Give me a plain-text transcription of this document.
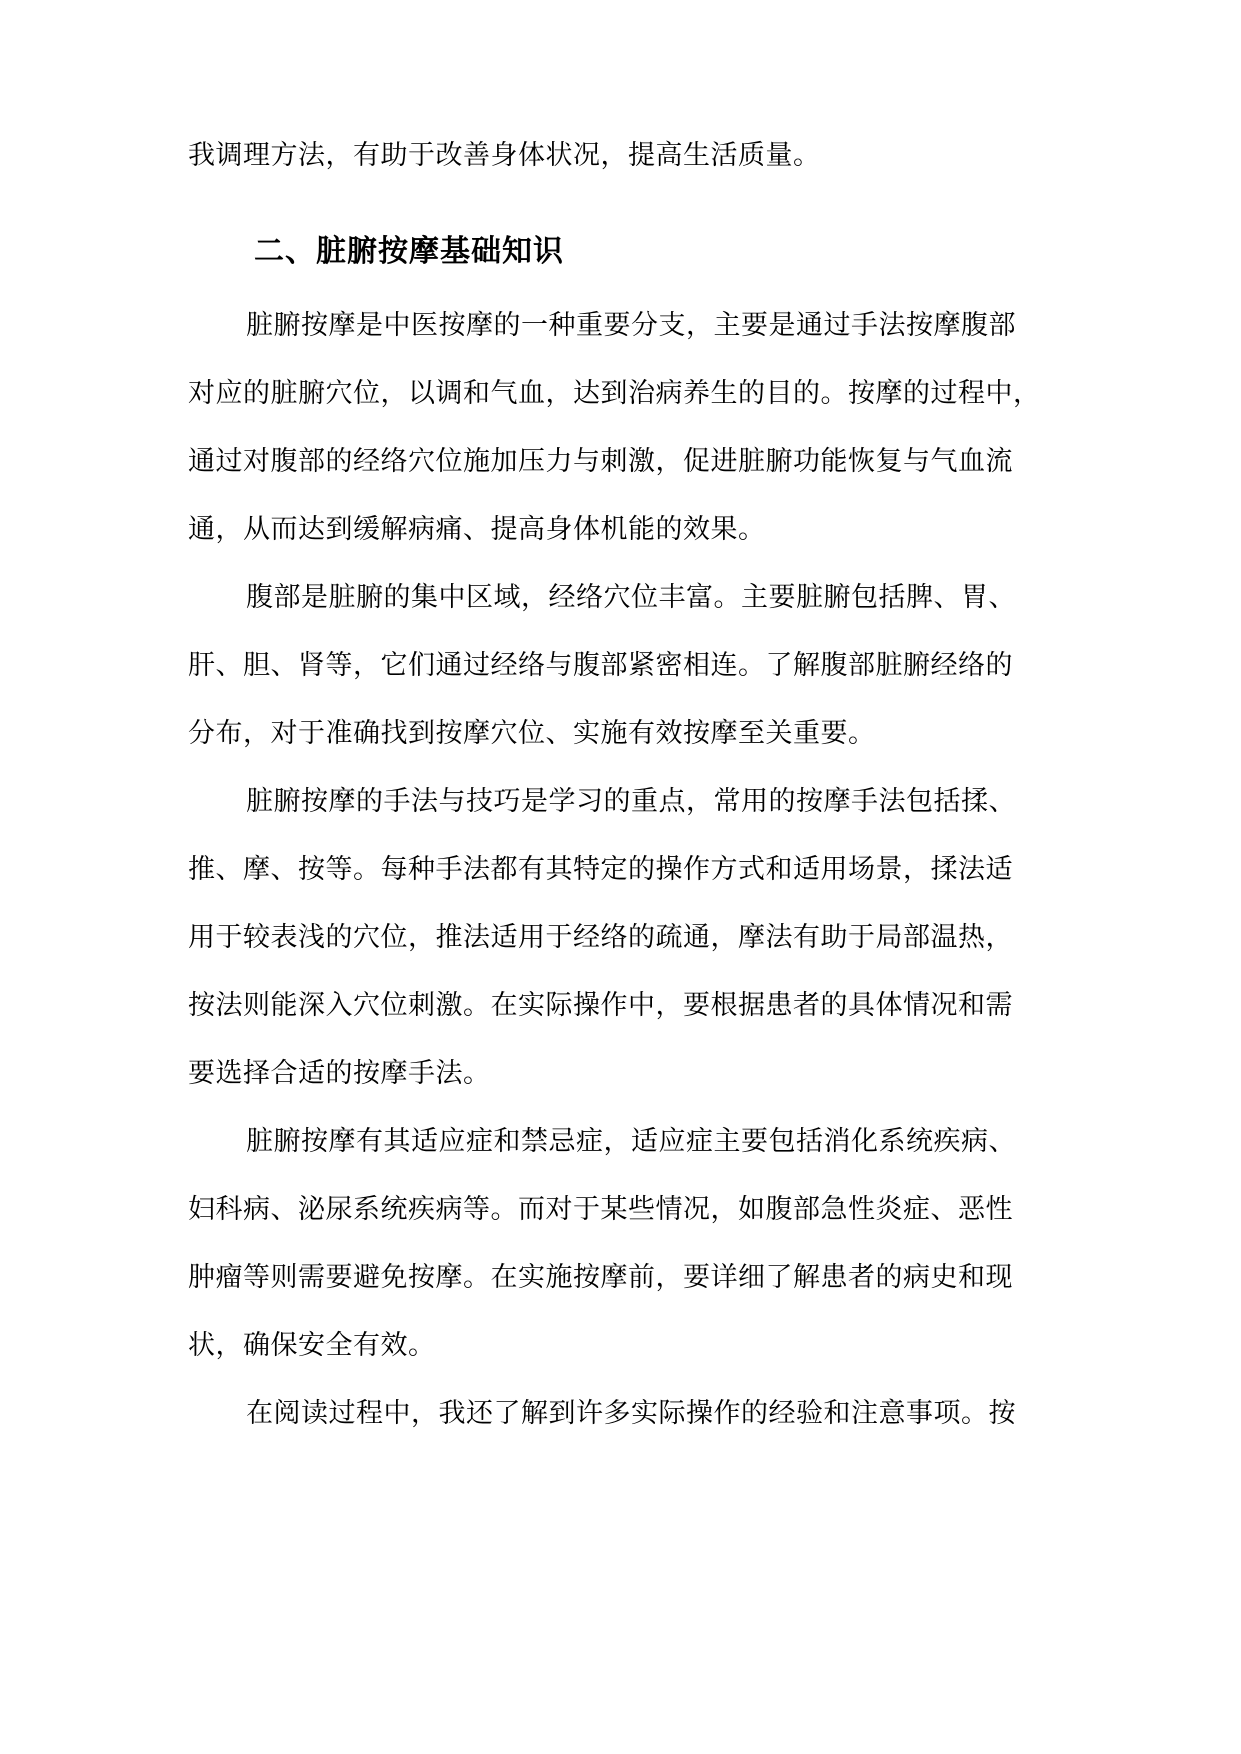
我调理方法，有助于改善身体状况，提高生活质量。
二、脏腑按摩基础知识
脏腑按摩是中医按摩的一种重要分支，主要是通过手法按摩腹部
对应的脏腑穴位，以调和气血，达到治病养生的目的。按摩的过程中，
通过对腹部的经络穴位施加压力与刺激，促进脏腑功能恢复与气血流
通，从而达到缓解病痛、提高身体机能的效果。
腹部是脏腑的集中区域，经络穴位丰富。主要脏腑包括脾、胃、
肝、胆、肾等，它们通过经络与腹部紧密相连。了解腹部脏腑经络的
分布，对于准确找到按摩穴位、实施有效按摩至关重要。
脏腑按摩的手法与技巧是学习的重点，常用的按摩手法包括揉、
推、摩、按等。每种手法都有其特定的操作方式和适用场景，揉法适
用于较表浅的穴位，推法适用于经络的疏通，摩法有助于局部温热，
按法则能深入穴位刺激。在实际操作中，要根据患者的具体情况和需
要选择合适的按摩手法。
脏腑按摩有其适应症和禁忌症，适应症主要包括消化系统疾病、
妇科病、泌尿系统疾病等。而对于某些情况，如腹部急性炎症、恶性
肿瘤等则需要避免按摩。在实施按摩前，要详细了解患者的病史和现
状，确保安全有效。
在阅读过程中，我还了解到许多实际操作的经验和注意事项。按
